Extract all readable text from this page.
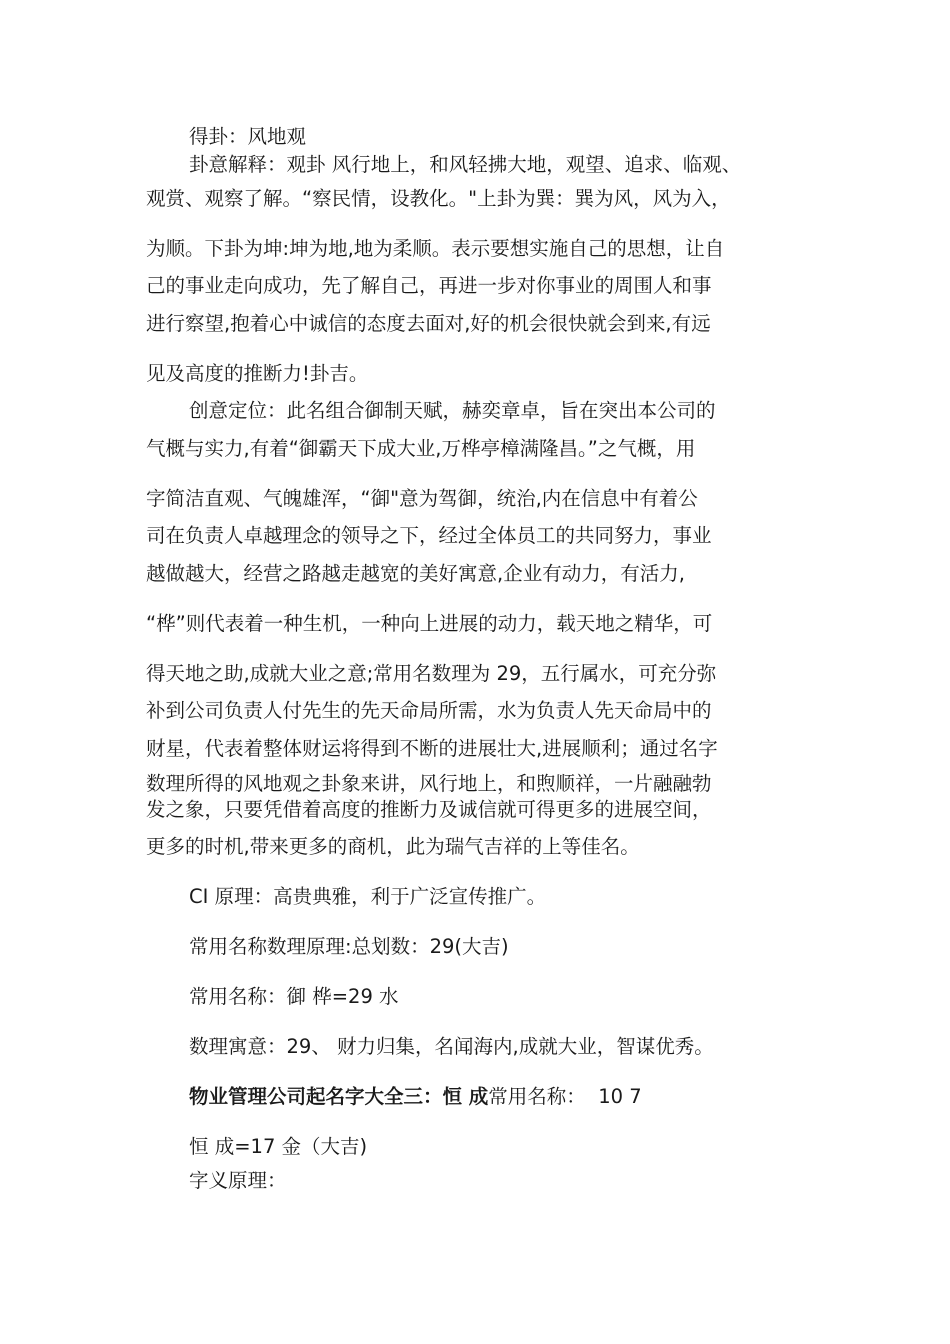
得卦：风地观
卦意解释：观卦 风行地上，和风轻拂大地，观望、追求、临观、
观赏、观察了解。“察民情，设教化。"上卦为巽：巽为风，风为入，
为顺。下卦为坤:坤为地,地为柔顺。表示要想实施自己的思想，让自
己的事业走向成功，先了解自己，再进一步对你事业的周围人和事
进行察望,抱着心中诚信的态度去面对,好的机会很快就会到来,有远
见及高度的推断力!卦吉。
创意定位：此名组合御制天赋，赫奕章卓，旨在突出本公司的
气概与实力,有着“御霸天下成大业,万桦亭樟满隆昌。”之气概，用
字简洁直观、气魄雄浑，“御"意为驾御，统治,内在信息中有着公
司在负责人卓越理念的领导之下，经过全体员工的共同努力，事业
越做越大，经营之路越走越宽的美好寓意,企业有动力，有活力,
“桦”则代表着一种生机，一种向上进展的动力，载天地之精华，可
得天地之助,成就大业之意;常用名数理为 29，五行属水，可充分弥
补到公司负责人付先生的先天命局所需，水为负责人先天命局中的
财星，代表着整体财运将得到不断的进展壮大,进展顺利；通过名字
数理所得的风地观之卦象来讲，风行地上，和煦顺祥，一片融融勃
发之象，只要凭借着高度的推断力及诚信就可得更多的进展空间，
更多的时机,带来更多的商机，此为瑞气吉祥的上等佳名。
CI 原理：高贵典雅，利于广泛宣传推广。
常用名称数理原理:总划数：29(大吉)
常用名称：御 桦=29 水
数理寓意：29、 财力归集，名闻海内,成就大业，智谋优秀。
物业管理公司起名字大全三：恒 成常用名称：  10 7
恒 成=17 金（大吉)
字义原理：
